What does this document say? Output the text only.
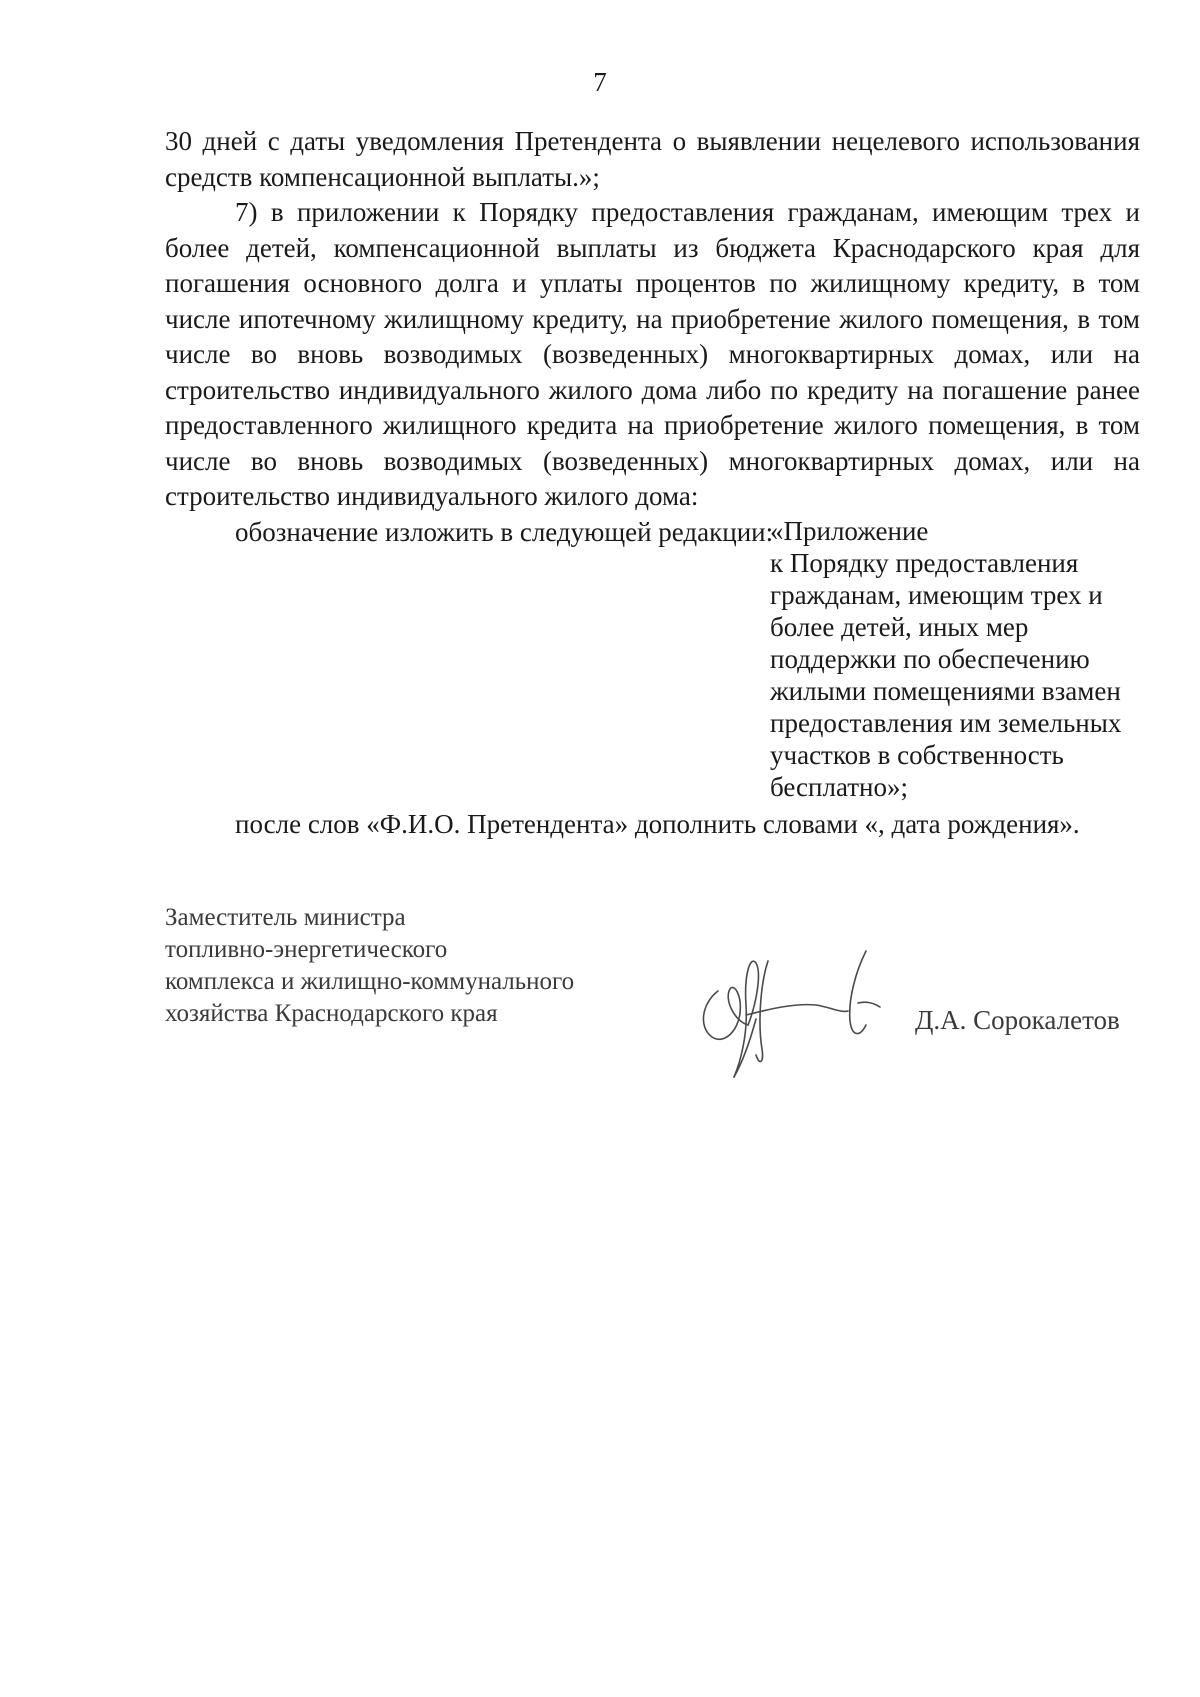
7

30 дней с даты уведомления Претендента о выявлении нецелевого использования средств компенсационной выплаты.»;

7) в приложении к Порядку предоставления гражданам, имеющим трех и более детей, компенсационной выплаты из бюджета Краснодарского края для погашения основного долга и уплаты процентов по жилищному кредиту, в том числе ипотечному жилищному кредиту, на приобретение жилого помещения, в том числе во вновь возводимых (возведенных) многоквартирных домах, или на строительство индивидуального жилого дома либо по кредиту на погашение ранее предоставленного жилищного кредита на приобретение жилого помещения, в том числе во вновь возводимых (возведенных) многоквартирных домах, или на строительство индивидуального жилого дома:

обозначение изложить в следующей редакции:

«Приложение
к Порядку предоставления
гражданам, имеющим трех и
более детей, иных мер
поддержки по обеспечению
жилыми помещениями взамен
предоставления им земельных
участков в собственность
бесплатно»;
после слов «Ф.И.О. Претендента» дополнить словами «, дата рождения».
Заместитель министра
топливно-энергетического
комплекса и жилищно-коммунального
хозяйства Краснодарского края	Д.А. Сорокалетов
